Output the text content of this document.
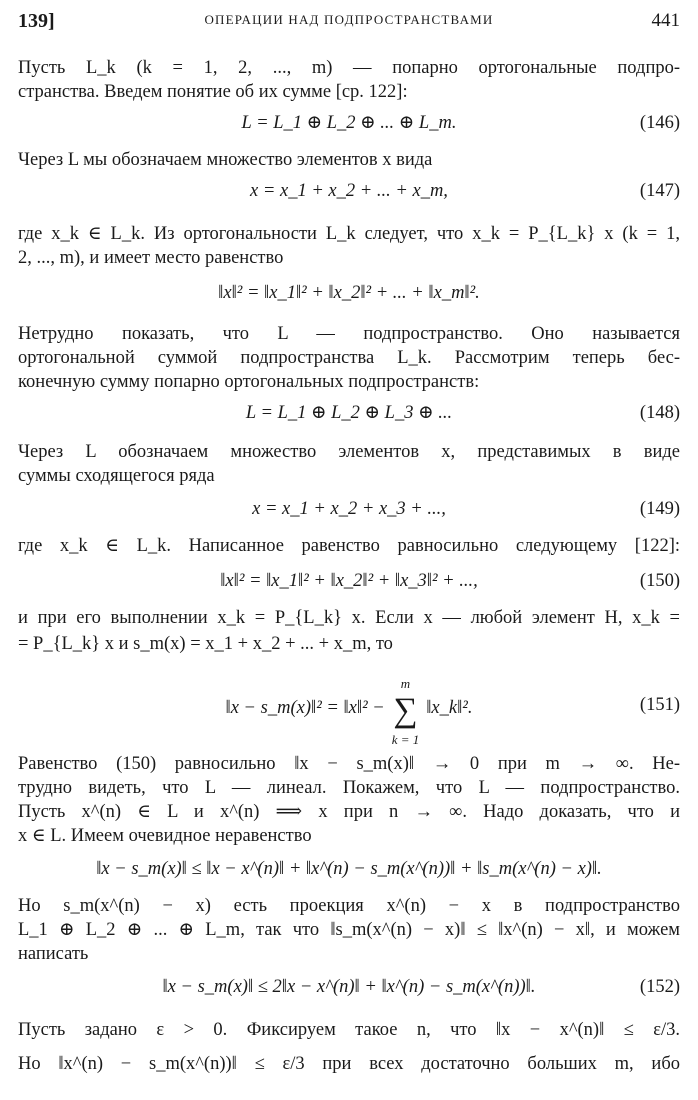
139]	ОПЕРАЦИИ НАД ПОДПРОСТРАНСТВАМИ	441
Пусть L_k (k = 1, 2, ..., m) — попарно ортогональные подпро-
странства. Введем понятие об их сумме [ср. 122]:
L = L_1 ⊕ L_2 ⊕ ... ⊕ L_m.	(146)
Через L мы обозначаем множество элементов x вида
x = x_1 + x_2 + ... + x_m,	(147)
где x_k ∈ L_k. Из ортогональности L_k следует, что x_k = P_{L_k} x (k = 1,
2, ..., m), и имеет место равенство
‖x‖² = ‖x_1‖² + ‖x_2‖² + ... + ‖x_m‖².
Нетрудно показать, что L — подпространство. Оно называется
ортогональной суммой подпространства L_k. Рассмотрим теперь бес-
конечную сумму попарно ортогональных подпространств:
L = L_1 ⊕ L_2 ⊕ L_3 ⊕ ...	(148)
Через L обозначаем множество элементов x, представимых в виде
суммы сходящегося ряда
x = x_1 + x_2 + x_3 + ...,	(149)
где x_k ∈ L_k. Написанное равенство равносильно следующему [122]:
‖x‖² = ‖x_1‖² + ‖x_2‖² + ‖x_3‖² + ...,	(150)
и при его выполнении x_k = P_{L_k} x. Если x — любой элемент H, x_k =
= P_{L_k} x и s_m(x) = x_1 + x_2 + ... + x_m, то
‖x − s_m(x)‖² = ‖x‖² − ∑
m
k = 1
‖x_k‖².	(151)
Равенство (150) равносильно ‖x − s_m(x)‖ → 0 при m → ∞. Не-
трудно видеть, что L — линеал. Покажем, что L — подпространство.
Пусть x^(n) ∈ L и x^(n) ⟹ x при n → ∞. Надо доказать, что и
x ∈ L. Имеем очевидное неравенство
‖x − s_m(x)‖ ≤ ‖x − x^(n)‖ + ‖x^(n) − s_m(x^(n))‖ + ‖s_m(x^(n) − x)‖.
Но s_m(x^(n) − x) есть проекция x^(n) − x в подпространство
L_1 ⊕ L_2 ⊕ ... ⊕ L_m, так что ‖s_m(x^(n) − x)‖ ≤ ‖x^(n) − x‖, и можем
написать
‖x − s_m(x)‖ ≤ 2‖x − x^(n)‖ + ‖x^(n) − s_m(x^(n))‖.	(152)
Пусть задано ε > 0. Фиксируем такое n, что ‖x − x^(n)‖ ≤ ε/3.
Но ‖x^(n) − s_m(x^(n))‖ ≤ ε/3 при всех достаточно больших m, ибо
